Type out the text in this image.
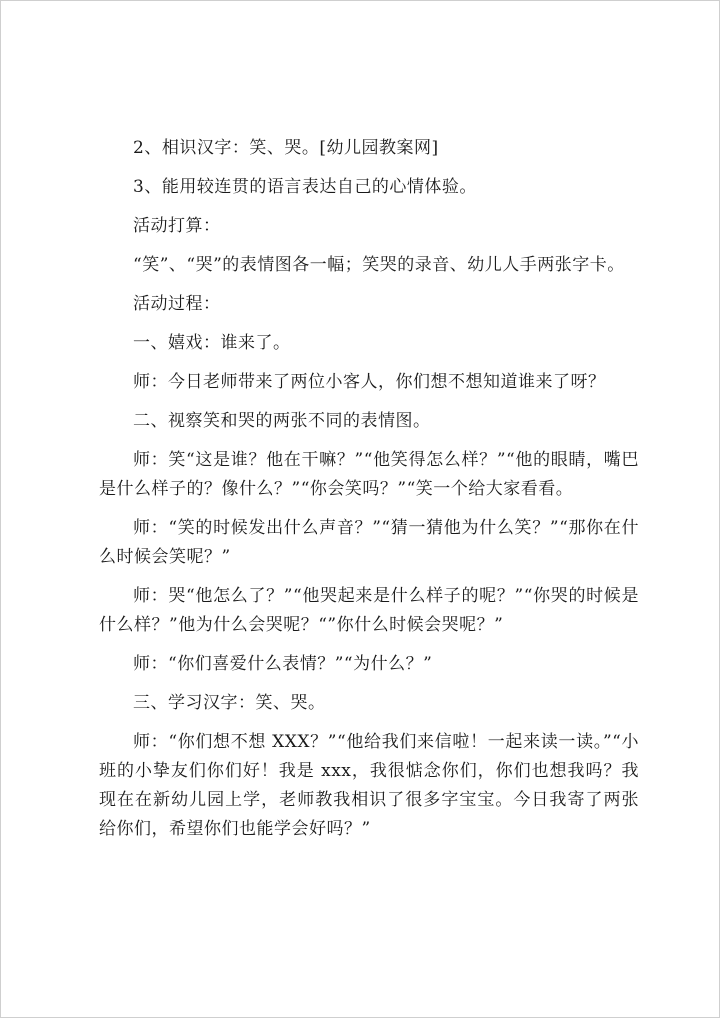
2、相识汉字：笑、哭。[幼儿园教案网]

3、能用较连贯的语言表达自己的心情体验。

活动打算：

“笑”、“哭”的表情图各一幅；笑哭的录音、幼儿人手两张字卡。

活动过程：

一、嬉戏：谁来了。

师：今日老师带来了两位小客人，你们想不想知道谁来了呀？

二、视察笑和哭的两张不同的表情图。

师：笑“这是谁？他在干嘛？”“他笑得怎么样？”“他的眼睛，嘴巴是什么样子的？像什么？”“你会笑吗？”“笑一个给大家看看。

师：“笑的时候发出什么声音？”“猜一猜他为什么笑？”“那你在什么时候会笑呢？”

师：哭“他怎么了？”“他哭起来是什么样子的呢？”“你哭的时候是什么样？”他为什么会哭呢？“”你什么时候会哭呢？”

师：“你们喜爱什么表情？”“为什么？”

三、学习汉字：笑、哭。

师：“你们想不想 XXX？”“他给我们来信啦！一起来读一读。”“小班的小挚友们你们好！我是 xxx，我很惦念你们，你们也想我吗？我现在在新幼儿园上学，老师教我相识了很多字宝宝。今日我寄了两张给你们，希望你们也能学会好吗？”
